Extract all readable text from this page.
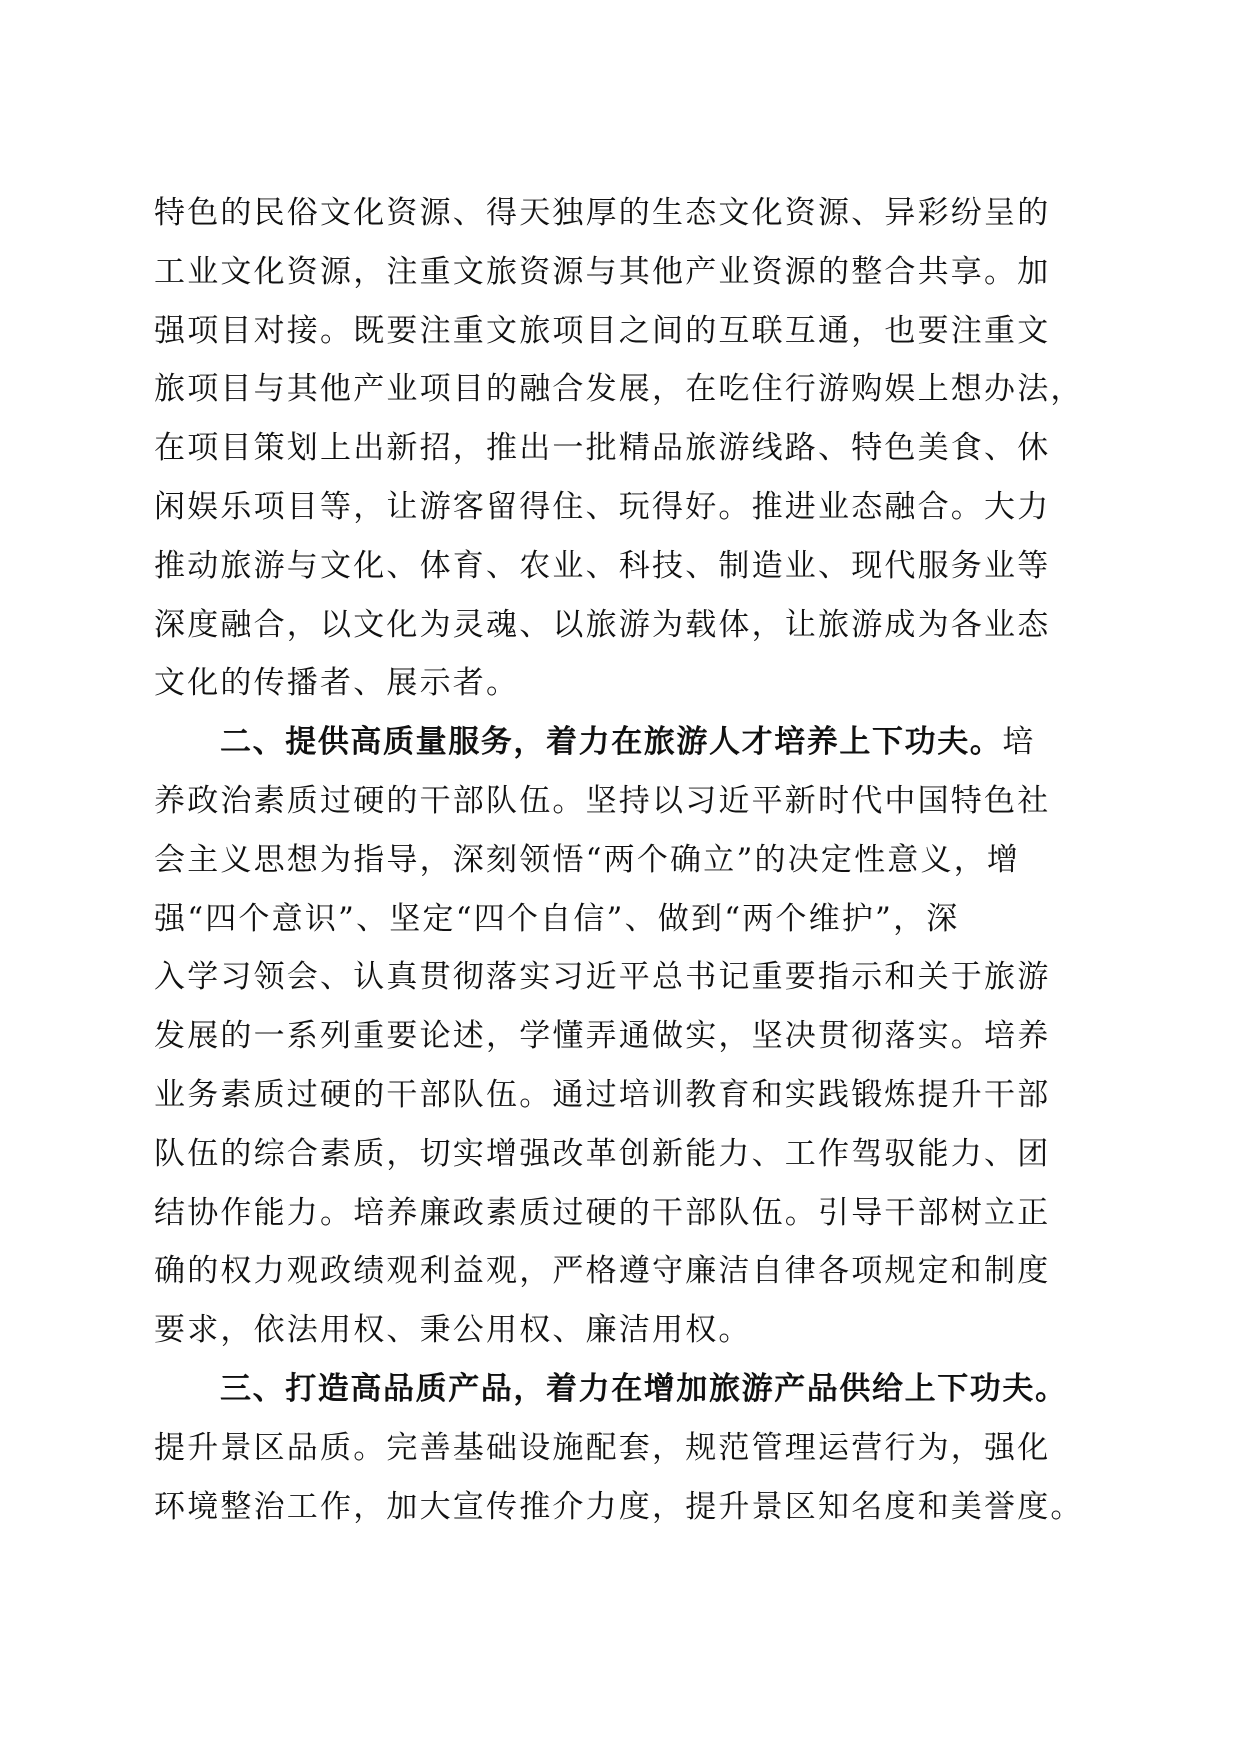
特色的民俗文化资源、得天独厚的生态文化资源、异彩纷呈的
工业文化资源，注重文旅资源与其他产业资源的整合共享。加
强项目对接。既要注重文旅项目之间的互联互通，也要注重文
旅项目与其他产业项目的融合发展，在吃住行游购娱上想办法，
在项目策划上出新招，推出一批精品旅游线路、特色美食、休
闲娱乐项目等，让游客留得住、玩得好。推进业态融合。大力
推动旅游与文化、体育、农业、科技、制造业、现代服务业等
深度融合，以文化为灵魂、以旅游为载体，让旅游成为各业态
文化的传播者、展示者。
二、提供高质量服务，着力在旅游人才培养上下功夫。培
养政治素质过硬的干部队伍。坚持以习近平新时代中国特色社
会主义思想为指导，深刻领悟“两个确立”的决定性意义，增
强“四个意识”、坚定“四个自信”、做到“两个维护”，深
入学习领会、认真贯彻落实习近平总书记重要指示和关于旅游
发展的一系列重要论述，学懂弄通做实，坚决贯彻落实。培养
业务素质过硬的干部队伍。通过培训教育和实践锻炼提升干部
队伍的综合素质，切实增强改革创新能力、工作驾驭能力、团
结协作能力。培养廉政素质过硬的干部队伍。引导干部树立正
确的权力观政绩观利益观，严格遵守廉洁自律各项规定和制度
要求，依法用权、秉公用权、廉洁用权。
三、打造高品质产品，着力在增加旅游产品供给上下功夫。
提升景区品质。完善基础设施配套，规范管理运营行为，强化
环境整治工作，加大宣传推介力度，提升景区知名度和美誉度。
